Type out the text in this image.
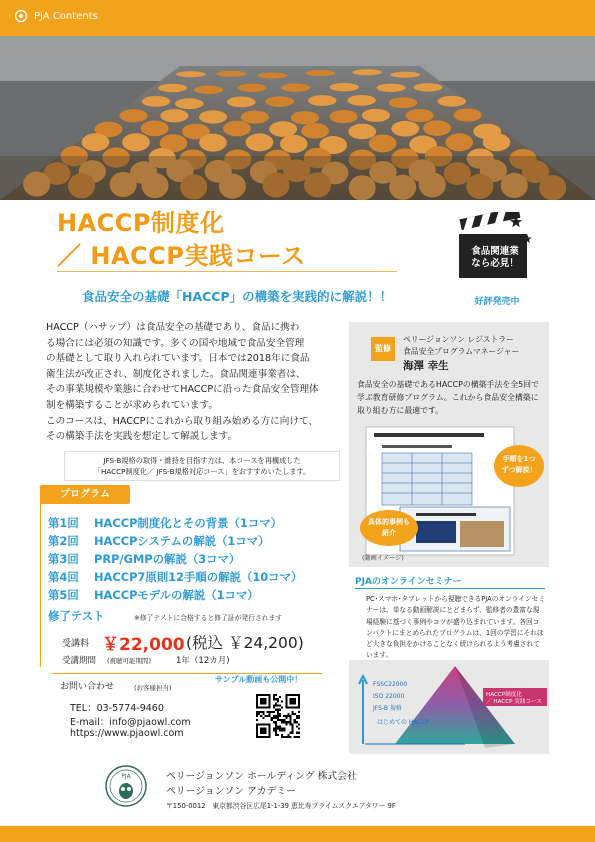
PJA Contents
HACCP制度化
／ HACCP実践コース
食品安全の基礎「HACCP」の構築を実践的に解説！！
食品関連業
なら必見！
好評発売中
HACCP（ハサップ）は食品安全の基礎であり、食品に携わ
る場合には必須の知識です。多くの国や地域で食品安全管理
の基礎として取り入れられています。日本では2018年に食品
衛生法が改正され、制度化されました。食品関連事業者は、
その事業規模や業態に合わせてHACCPに沿った食品安全管理体
制を構築することが求められています。
このコースは、HACCPにこれから取り組み始める方に向けて、
その構築手法を実践を想定して解説します。
JFS-B規格の取得・維持を目指す方は、本コースを再構成した
「HACCP制度化／ JFS-B規格対応コース」をおすすめいたします。
プログラム
第1回 HACCP制度化とその背景（1コマ）
第2回 HACCPシステムの解説（1コマ）
第3回 PRP/GMPの解説（3コマ）
第4回 HACCP7原則12手順の解説（10コマ）
第5回 HACCPモデルの解説（1コマ）
修了テスト	※修了テストに合格すると修了証が発行されます
受講料 ￥22,000 (税込 ￥24,200)
受講期間 (視聴可能期間)	1年（12カ月)
お問い合わせ	(お客様担当)
サンプル動画も公開中！
TEL：03-5774-9460
E-mail：info@pjaowl.com
https://www.pjaowl.com
監修
ペリージョンソン レジストラー
食品安全プログラムマネージャー
海澤 幸生
食品安全の基礎であるHACCPの構築手法を全5回で学ぶ教育研修プログラム。これから食品安全構築に取り組む方に最適です。
手順を1つ
ずつ解説！
具体的事例も
紹介
(動画イメージ)
PJAのオンラインセミナー
PC･スマホ･タブレットから視聴できるPJAのオンラインセミナーは、単なる動画解説にとどまらず、監修者の豊富な現場経験に基づく事例やコツが盛り込まれています。各回コンパクトにまとめられたプログラムは、1回の学習にそれほど大きな負担をかけることなく続けられるよう考慮されています。
FSSC22000
ISO 22000
JFS-B 規格
はじめての HACCP
HACCP制度化
／ HACCP 実践コース
PJA	ペリージョンソン ホールディング 株式会社
ペリージョンソン アカデミー
〒150-0012　東京都渋谷区広尾1-1-39 恵比寿プライムスクエアタワー 9F
